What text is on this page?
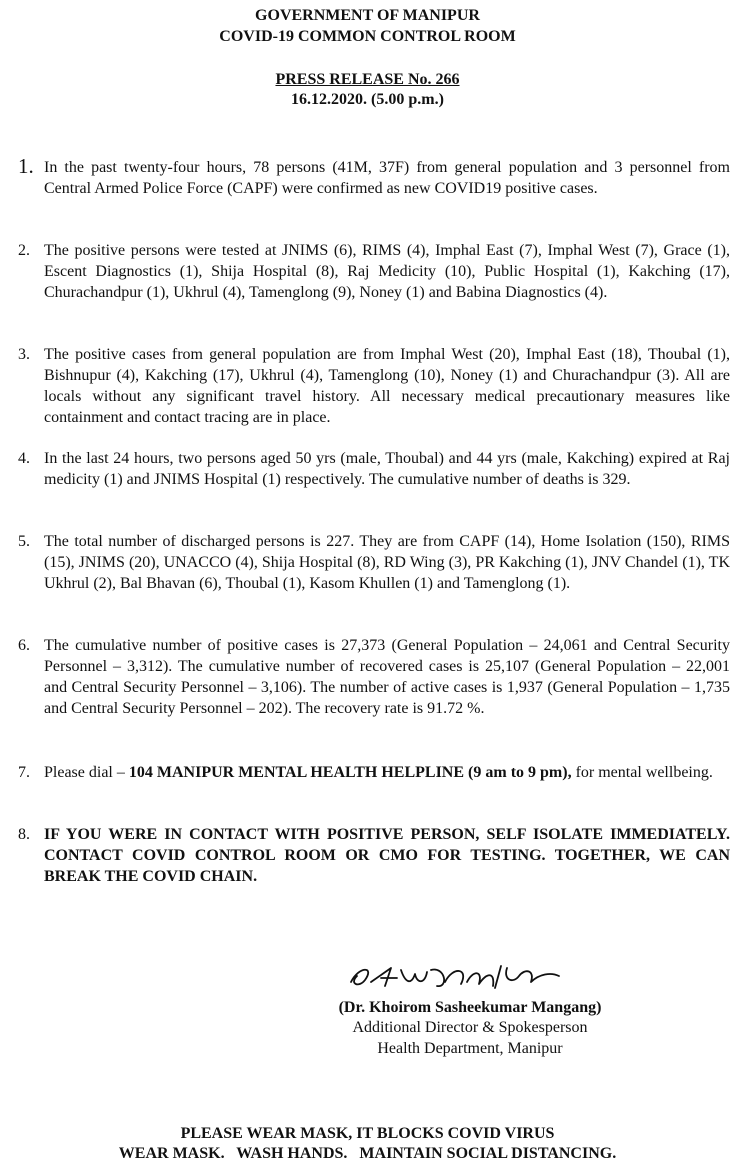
GOVERNMENT OF MANIPUR
COVID-19 COMMON CONTROL ROOM
PRESS RELEASE No. 266
16.12.2020. (5.00 p.m.)
1. In the past twenty-four hours, 78 persons (41M, 37F) from general population and 3 personnel from Central Armed Police Force (CAPF) were confirmed as new COVID19 positive cases.
2. The positive persons were tested at JNIMS (6), RIMS (4), Imphal East (7), Imphal West (7), Grace (1), Escent Diagnostics (1), Shija Hospital (8), Raj Medicity (10), Public Hospital (1), Kakching (17), Churachandpur (1), Ukhrul (4), Tamenglong (9), Noney (1) and Babina Diagnostics (4).
3. The positive cases from general population are from Imphal West (20), Imphal East (18), Thoubal (1), Bishnupur (4), Kakching (17), Ukhrul (4), Tamenglong (10), Noney (1) and Churachandpur (3). All are locals without any significant travel history. All necessary medical precautionary measures like containment and contact tracing are in place.
4. In the last 24 hours, two persons aged 50 yrs (male, Thoubal) and 44 yrs (male, Kakching) expired at Raj medicity (1) and JNIMS Hospital (1) respectively. The cumulative number of deaths is 329.
5. The total number of discharged persons is 227. They are from CAPF (14), Home Isolation (150), RIMS (15), JNIMS (20), UNACCO (4), Shija Hospital (8), RD Wing (3), PR Kakching (1), JNV Chandel (1), TK Ukhrul (2), Bal Bhavan (6), Thoubal (1), Kasom Khullen (1) and Tamenglong (1).
6. The cumulative number of positive cases is 27,373 (General Population – 24,061 and Central Security Personnel – 3,312). The cumulative number of recovered cases is 25,107 (General Population – 22,001 and Central Security Personnel – 3,106). The number of active cases is 1,937 (General Population – 1,735 and Central Security Personnel – 202). The recovery rate is 91.72 %.
7. Please dial – 104 MANIPUR MENTAL HEALTH HELPLINE (9 am to 9 pm), for mental wellbeing.
8. IF YOU WERE IN CONTACT WITH POSITIVE PERSON, SELF ISOLATE IMMEDIATELY. CONTACT COVID CONTROL ROOM OR CMO FOR TESTING. TOGETHER, WE CAN BREAK THE COVID CHAIN.
(Dr. Khoirom Sasheekumar Mangang)
Additional Director & Spokesperson
Health Department, Manipur
PLEASE WEAR MASK, IT BLOCKS COVID VIRUS
WEAR MASK.   WASH HANDS.   MAINTAIN SOCIAL DISTANCING.
